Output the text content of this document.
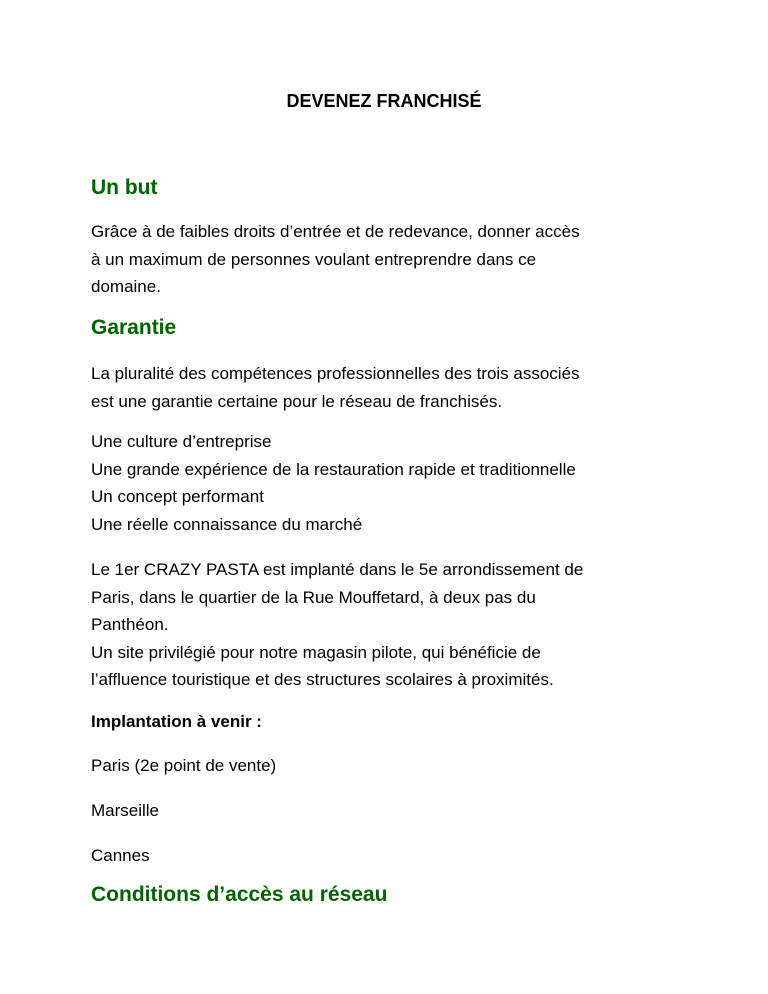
DEVENEZ FRANCHISÉ
Un but

Grâce à de faibles droits d’entrée et de redevance, donner accès
à un maximum de personnes voulant entreprendre dans ce
domaine.

Garantie

La pluralité des compétences professionnelles des trois associés
est une garantie certaine pour le réseau de franchisés.

Une culture d’entreprise
Une grande expérience de la restauration rapide et traditionnelle
Un concept performant
Une réelle connaissance du marché

Le 1er CRAZY PASTA est implanté dans le 5e arrondissement de
Paris, dans le quartier de la Rue Mouffetard, à deux pas du
Panthéon.
Un site privilégié pour notre magasin pilote, qui bénéficie de
l’affluence touristique et des structures scolaires à proximités.

Implantation à venir :

Paris (2e point de vente)

Marseille

Cannes

Conditions d’accès au réseau
